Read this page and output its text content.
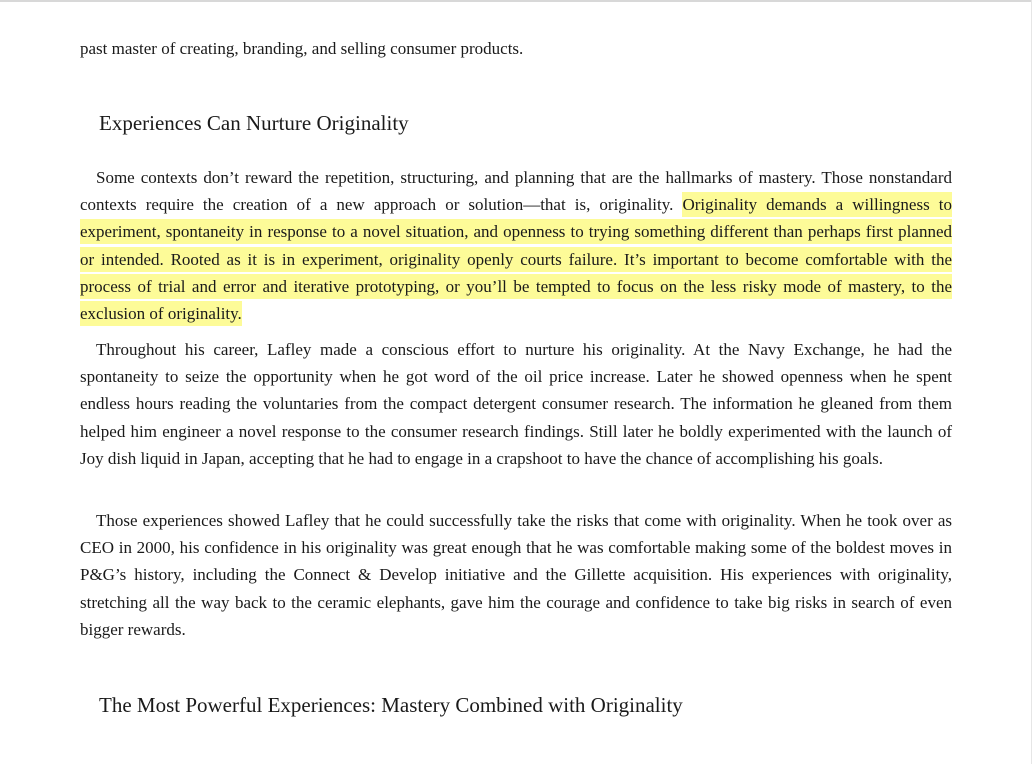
past master of creating, branding, and selling consumer products.
Experiences Can Nurture Originality

Some contexts don’t reward the repetition, structuring, and planning that are the hallmarks of mastery. Those nonstandard contexts require the creation of a new approach or solution—that is, originality. Originality demands a willingness to experiment, spontaneity in response to a novel situation, and openness to trying something different than perhaps first planned or intended. Rooted as it is in experiment, originality openly courts failure. It’s important to become comfortable with the process of trial and error and iterative prototyping, or you’ll be tempted to focus on the less risky mode of mastery, to the exclusion of originality.

Throughout his career, Lafley made a conscious effort to nurture his originality. At the Navy Exchange, he had the spontaneity to seize the opportunity when he got word of the oil price increase. Later he showed openness when he spent endless hours reading the voluntaries from the compact detergent consumer research. The information he gleaned from them helped him engineer a novel response to the consumer research findings. Still later he boldly experimented with the launch of Joy dish liquid in Japan, accepting that he had to engage in a crapshoot to have the chance of accomplishing his goals.

Those experiences showed Lafley that he could successfully take the risks that come with originality. When he took over as CEO in 2000, his confidence in his originality was great enough that he was comfortable making some of the boldest moves in P&G’s history, including the Connect & Develop initiative and the Gillette acquisition. His experiences with originality, stretching all the way back to the ceramic elephants, gave him the courage and confidence to take big risks in search of even bigger rewards.

The Most Powerful Experiences: Mastery Combined with Originality
